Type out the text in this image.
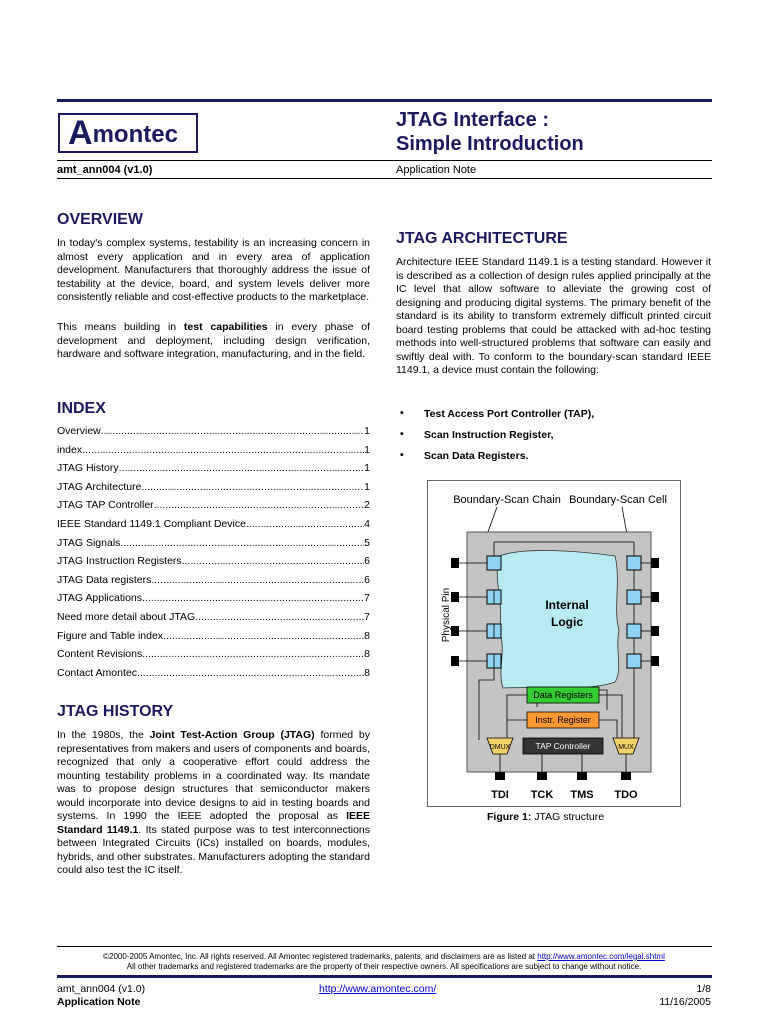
A montec
JTAG Interface :
Simple Introduction
amt_ann004 (v1.0)	Application Note
OVERVIEW

In today's complex systems, testability is an increasing concern in almost every application and in every area of application development. Manufacturers that thoroughly address the issue of testability at the device, board, and system levels deliver more consistently reliable and cost-effective products to the marketplace.

This means building in test capabilities in every phase of development and deployment, including design verification, hardware and software integration, manufacturing, and in the field.

INDEX
Overview .....	1
index .....	1
JTAG History .....	1
JTAG Architecture .....	1
JTAG TAP Controller .....	2
IEEE Standard 1149.1 Compliant Device .....	4
JTAG Signals .....	5
JTAG Instruction Registers .....	6
JTAG Data registers .....	6
JTAG Applications .....	7
Need more detail about JTAG .....	7
Figure and Table index .....	8
Content Revisions .....	8
Contact Amontec .....	8
JTAG HISTORY

In the 1980s, the Joint Test-Action Group (JTAG) formed by representatives from makers and users of components and boards, recognized that only a cooperative effort could address the mounting testability problems in a coordinated way. Its mandate was to propose design structures that semiconductor makers would incorporate into device designs to aid in testing boards and systems. In 1990 the IEEE adopted the proposal as IEEE Standard 1149.1. Its stated purpose was to test interconnections between Integrated Circuits (ICs) installed on boards, modules, hybrids, and other substrates. Manufacturers adopting the standard could also test the IC itself.

JTAG ARCHITECTURE

Architecture IEEE Standard 1149.1 is a testing standard. However it is described as a collection of design rules applied principally at the IC level that allow software to alleviate the growing cost of designing and producing digital systems. The primary benefit of the standard is its ability to transform extremely difficult printed circuit board testing problems that could be attacked with ad-hoc testing methods into well-structured problems that software can easily and swiftly deal with. To conform to the boundary-scan standard IEEE 1149.1, a device must contain the following:

• Test Access Port Controller (TAP),
• Scan Instruction Register,
• Scan Data Registers.
Boundary-Scan Chain Boundary-Scan Cell
Internal
Logic
Data Registers
Instr. Register
TAP Controller
DMUX	MUX
TDI TCK TMS TDO
Physical Pin
Figure 1: JTAG structure
©2000-2005 Amontec, Inc. All rights reserved. All Amontec registered trademarks, patents, and disclaimers are as listed at http://www.amontec.com/legal.shtml
All other trademarks and registered trademarks are the property of their respective owners. All specifications are subject to change without notice.
amt_ann004 (v1.0)
Application Note
http://www.amontec.com/	1/8
11/16/2005
